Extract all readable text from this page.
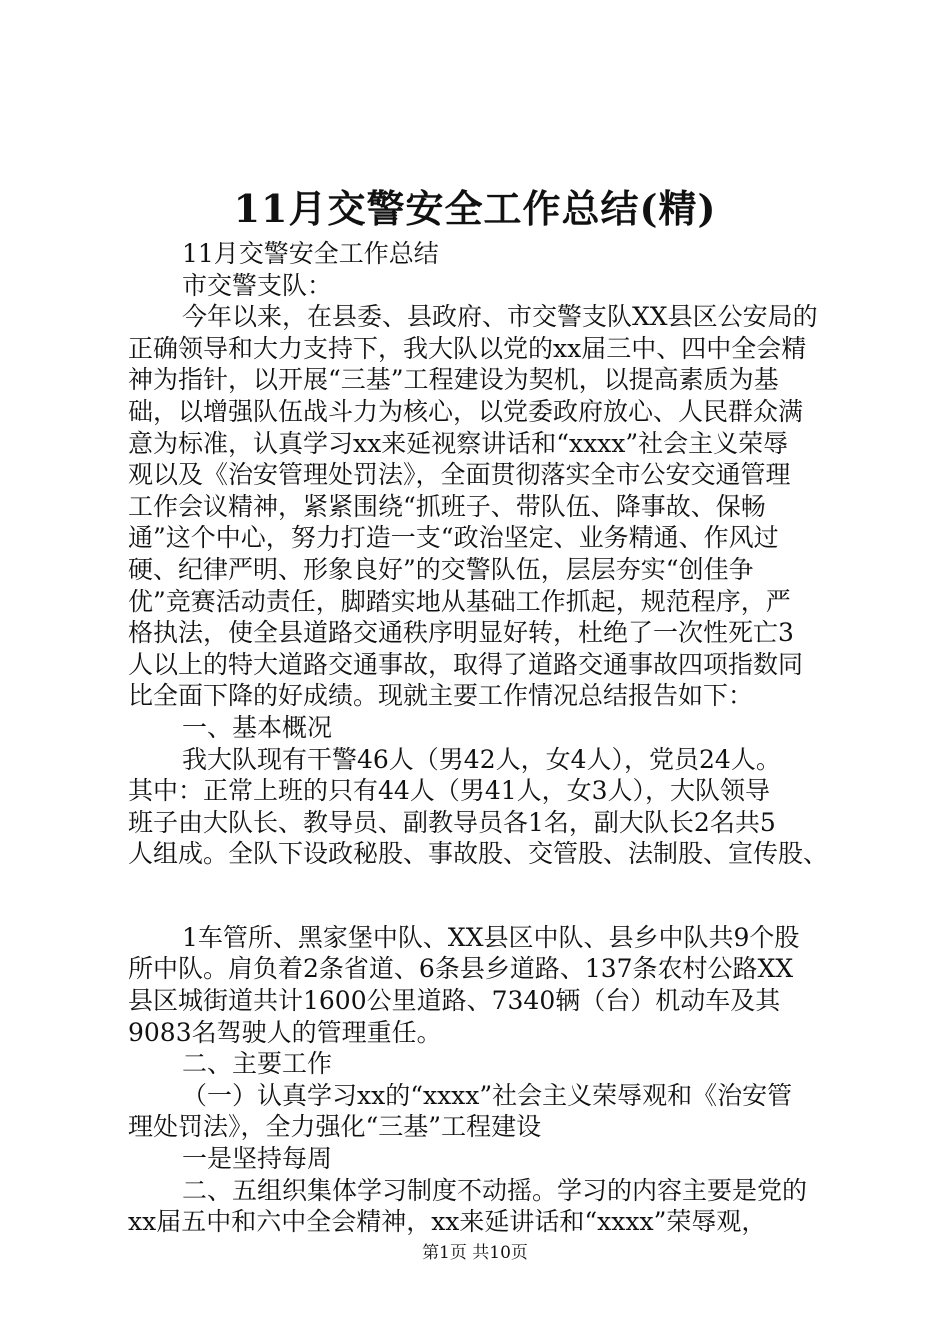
11月交警安全工作总结(精)
11月交警安全工作总结
市交警支队：
今年以来，在县委、县政府、市交警支队XX县区公安局的
正确领导和大力支持下，我大队以党的xx届三中、四中全会精
神为指针，以开展“三基”工程建设为契机，以提高素质为基
础，以增强队伍战斗力为核心，以党委政府放心、人民群众满
意为标准，认真学习xx来延视察讲话和“xxxx”社会主义荣辱
观以及《治安管理处罚法》，全面贯彻落实全市公安交通管理
工作会议精神，紧紧围绕“抓班子、带队伍、降事故、保畅
通”这个中心，努力打造一支“政治坚定、业务精通、作风过
硬、纪律严明、形象良好”的交警队伍，层层夯实“创佳争
优”竞赛活动责任，脚踏实地从基础工作抓起，规范程序，严
格执法，使全县道路交通秩序明显好转，杜绝了一次性死亡3
人以上的特大道路交通事故，取得了道路交通事故四项指数同
比全面下降的好成绩。现就主要工作情况总结报告如下：
一、基本概况
我大队现有干警46人（男42人，女4人），党员24人。
其中：正常上班的只有44人（男41人，女3人），大队领导
班子由大队长、教导员、副教导员各1名，副大队长2名共5
人组成。全队下设政秘股、事故股、交管股、法制股、宣传股、
1车管所、黑家堡中队、XX县区中队、县乡中队共9个股
所中队。肩负着2条省道、6条县乡道路、137条农村公路XX
县区城街道共计1600公里道路、7340辆（台）机动车及其
9083名驾驶人的管理重任。
二、主要工作
（一）认真学习xx的“xxxx”社会主义荣辱观和《治安管
理处罚法》，全力强化“三基”工程建设
一是坚持每周
二、五组织集体学习制度不动摇。学习的内容主要是党的
xx届五中和六中全会精神，xx来延讲话和“xxxx”荣辱观，
第1页 共10页
